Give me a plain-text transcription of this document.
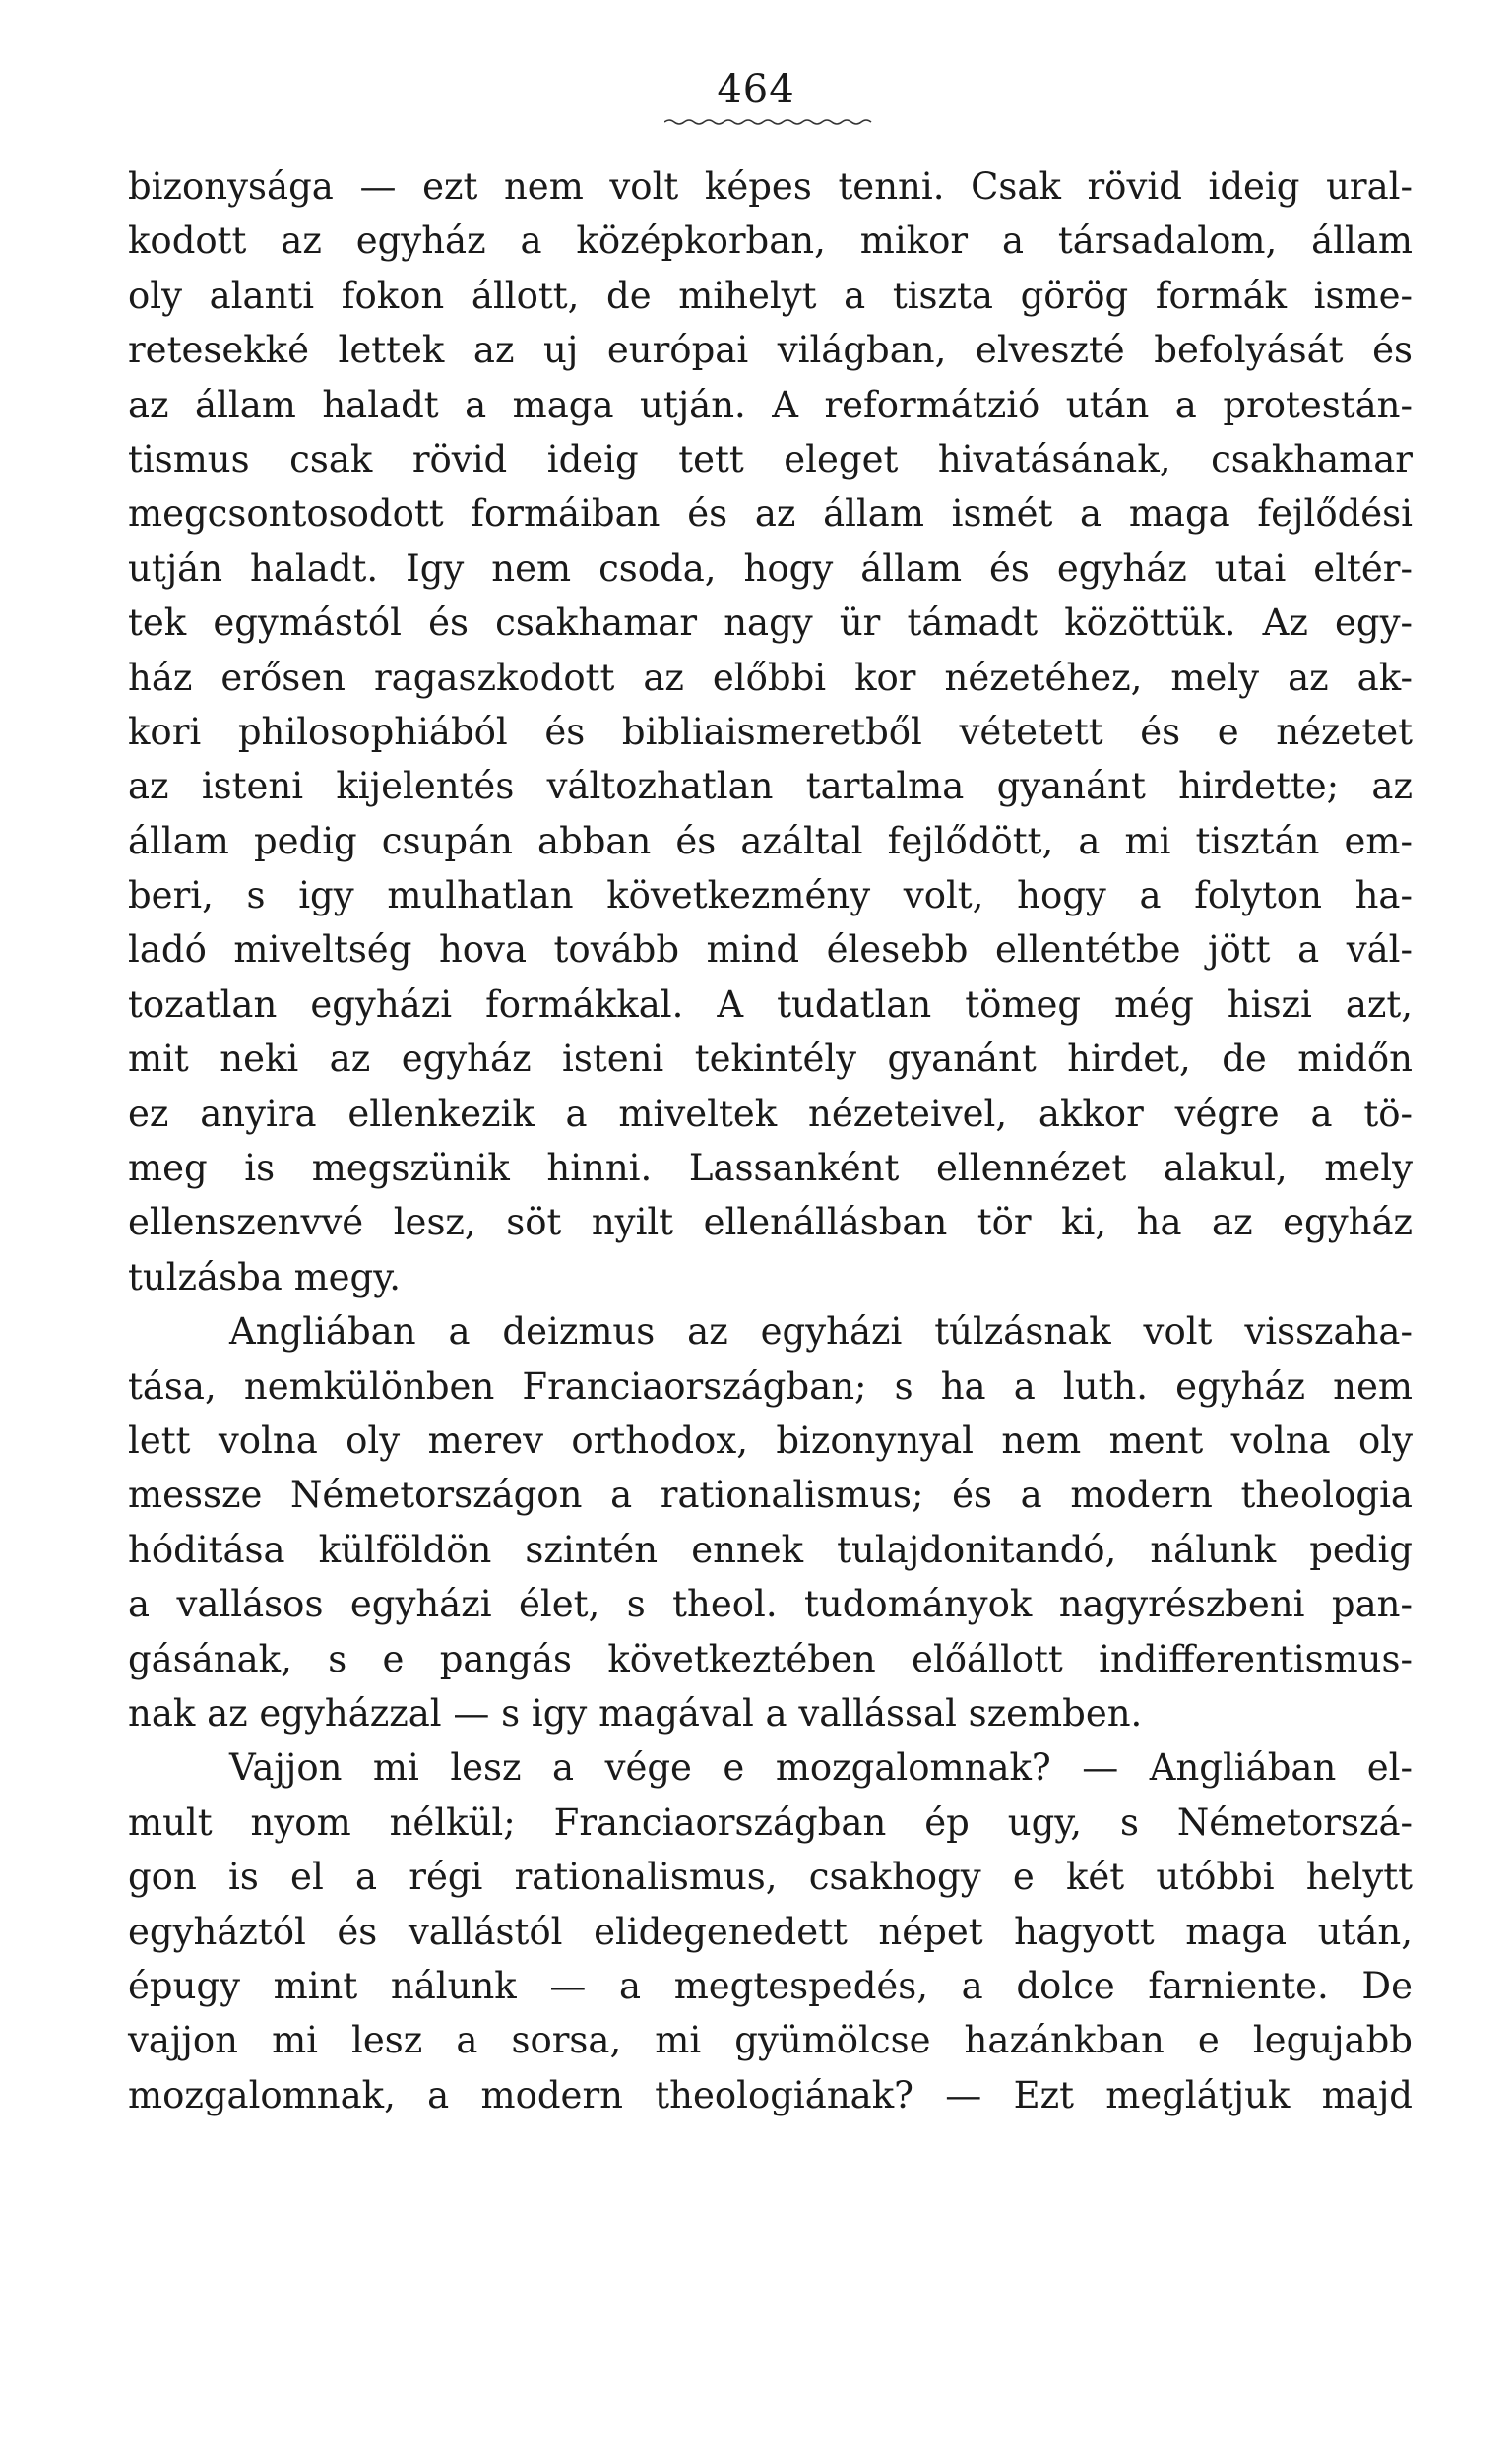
464
bizonysága — ezt nem volt képes tenni. Csak rövid ideig ural-
kodott az egyház a középkorban, mikor a társadalom, állam
oly alanti fokon állott, de mihelyt a tiszta görög formák isme-
retesekké lettek az uj európai világban, elveszté befolyását és
az állam haladt a maga utján. A reformátzió után a protestán-
tismus csak rövid ideig tett eleget hivatásának, csakhamar
megcsontosodott formáiban és az állam ismét a maga fejlődési
utján haladt. Igy nem csoda, hogy állam és egyház utai eltér-
tek egymástól és csakhamar nagy ür támadt közöttük. Az egy-
ház erősen ragaszkodott az előbbi kor nézetéhez, mely az ak-
kori philosophiából és bibliaismeretből vétetett és e nézetet
az isteni kijelentés változhatlan tartalma gyanánt hirdette; az
állam pedig csupán abban és azáltal fejlődött, a mi tisztán em-
beri, s igy mulhatlan következmény volt, hogy a folyton ha-
ladó miveltség hova tovább mind élesebb ellentétbe jött a vál-
tozatlan egyházi formákkal. A tudatlan tömeg még hiszi azt,
mit neki az egyház isteni tekintély gyanánt hirdet, de midőn
ez anyira ellenkezik a miveltek nézeteivel, akkor végre a tö-
meg is megszünik hinni. Lassanként ellennézet alakul, mely
ellenszenvvé lesz, söt nyilt ellenállásban tör ki, ha az egyház
tulzásba megy.
Angliában a deizmus az egyházi túlzásnak volt visszaha-
tása, nemkülönben Franciaországban; s ha a luth. egyház nem
lett volna oly merev orthodox, bizonynyal nem ment volna oly
messze Németországon a rationalismus; és a modern theologia
hóditása külföldön szintén ennek tulajdonitandó, nálunk pedig
a vallásos egyházi élet, s theol. tudományok nagyrészbeni pan-
gásának, s e pangás következtében előállott indifferentismus-
nak az egyházzal — s igy magával a vallással szemben.
Vajjon mi lesz a vége e mozgalomnak? — Angliában el-
mult nyom nélkül; Franciaországban ép ugy, s Németorszá-
gon is el a régi rationalismus, csakhogy e két utóbbi helytt
egyháztól és vallástól elidegenedett népet hagyott maga után,
épugy mint nálunk — a megtespedés, a dolce farniente. De
vajjon mi lesz a sorsa, mi gyümölcse hazánkban e legujabb
mozgalomnak, a modern theologiának? — Ezt meglátjuk majd
